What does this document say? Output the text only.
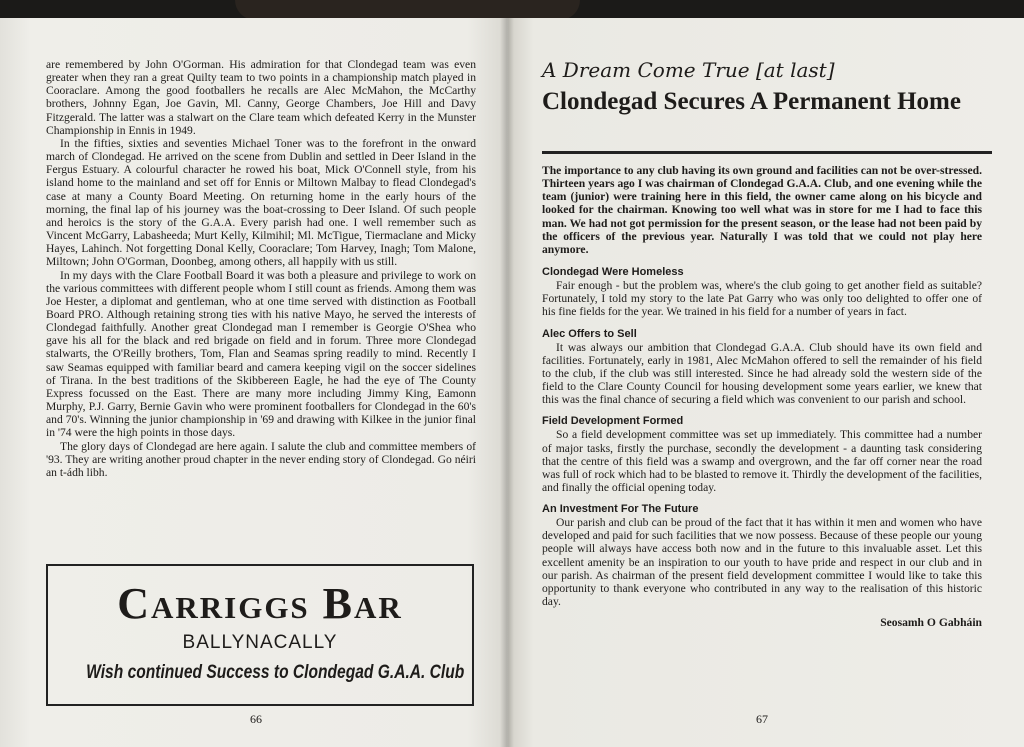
are remembered by John O'Gorman. His admiration for that Clondegad team was even greater when they ran a great Quilty team to two points in a championship match played in Cooraclare. Among the good footballers he recalls are Alec McMahon, the McCarthy brothers, Johnny Egan, Joe Gavin, Ml. Canny, George Chambers, Joe Hill and Davy Fitzgerald. The latter was a stalwart on the Clare team which defeated Kerry in the Munster Championship in Ennis in 1949.

In the fifties, sixties and seventies Michael Toner was to the forefront in the onward march of Clondegad. He arrived on the scene from Dublin and settled in Deer Island in the Fergus Estuary. A colourful character he rowed his boat, Mick O'Connell style, from his island home to the mainland and set off for Ennis or Miltown Malbay to flead Clondegad's case at many a County Board Meeting. On returning home in the early hours of the morning, the final lap of his journey was the boat-crossing to Deer Island. Of such people and heroics is the story of the G.A.A. Every parish had one. I well remember such as Vincent McGarry, Labasheeda; Murt Kelly, Kilmihil; Ml. McTigue, Tiermaclane and Micky Hayes, Lahinch. Not forgetting Donal Kelly, Cooraclare; Tom Harvey, Inagh; Tom Malone, Miltown; John O'Gorman, Doonbeg, among others, all happily with us still.

In my days with the Clare Football Board it was both a pleasure and privilege to work on the various committees with different people whom I still count as friends. Among them was Joe Hester, a diplomat and gentleman, who at one time served with distinction as Football Board PRO. Although retaining strong ties with his native Mayo, he served the interests of Clondegad faithfully. Another great Clondegad man I remember is Georgie O'Shea who gave his all for the black and red brigade on field and in forum. Three more Clondegad stalwarts, the O'Reilly brothers, Tom, Flan and Seamas spring readily to mind. Recently I saw Seamas equipped with familiar beard and camera keeping vigil on the soccer sidelines of Tirana. In the best traditions of the Skibbereen Eagle, he had the eye of The County Express focussed on the East. There are many more including Jimmy King, Eamonn Murphy, P.J. Garry, Bernie Gavin who were prominent footballers for Clondegad in the 60's and 70's. Winning the junior championship in '69 and drawing with Kilkee in the junior final in '74 were the high points in those days.

The glory days of Clondegad are here again. I salute the club and committee members of '93. They are writing another proud chapter in the never ending story of Clondegad. Go néiri an t-ádh libh.

Carriggs Bar
BALLYNACALLY
Wish continued Success to Clondegad G.A.A. Club
66
A Dream Come True [at last]
Clondegad Secures A Permanent Home

The importance to any club having its own ground and facilities can not be over-stressed. Thirteen years ago I was chairman of Clondegad G.A.A. Club, and one evening while the team (junior) were training here in this field, the owner came along on his bicycle and looked for the chairman. Knowing too well what was in store for me I had to face this man. We had not got permission for the present season, or the lease had not been paid by the officers of the previous year. Naturally I was told that we could not play here anymore.

Clondegad Were Homeless

Fair enough - but the problem was, where's the club going to get another field as suitable? Fortunately, I told my story to the late Pat Garry who was only too delighted to offer one of his fine fields for the year. We trained in his field for a number of years in fact.

Alec Offers to Sell

It was always our ambition that Clondegad G.A.A. Club should have its own field and facilities. Fortunately, early in 1981, Alec McMahon offered to sell the remainder of his field to the club, if the club was still interested. Since he had already sold the western side of the field to the Clare County Council for housing development some years earlier, we knew that this was the final chance of securing a field which was convenient to our parish and school.

Field Development Formed

So a field development committee was set up immediately. This committee had a number of major tasks, firstly the purchase, secondly the development - a daunting task considering that the centre of this field was a swamp and overgrown, and the far off corner near the road was full of rock which had to be blasted to remove it. Thirdly the development of the facilities, and finally the official opening today.

An Investment For The Future

Our parish and club can be proud of the fact that it has within it men and women who have developed and paid for such facilities that we now possess. Because of these people our young people will always have access both now and in the future to this invaluable asset. Let this excellent amenity be an inspiration to our youth to have pride and respect in our club and in our parish. As chairman of the present field development committee I would like to take this opportunity to thank everyone who contributed in any way to the realisation of this historic day.

Seosamh O Gabháin
67
